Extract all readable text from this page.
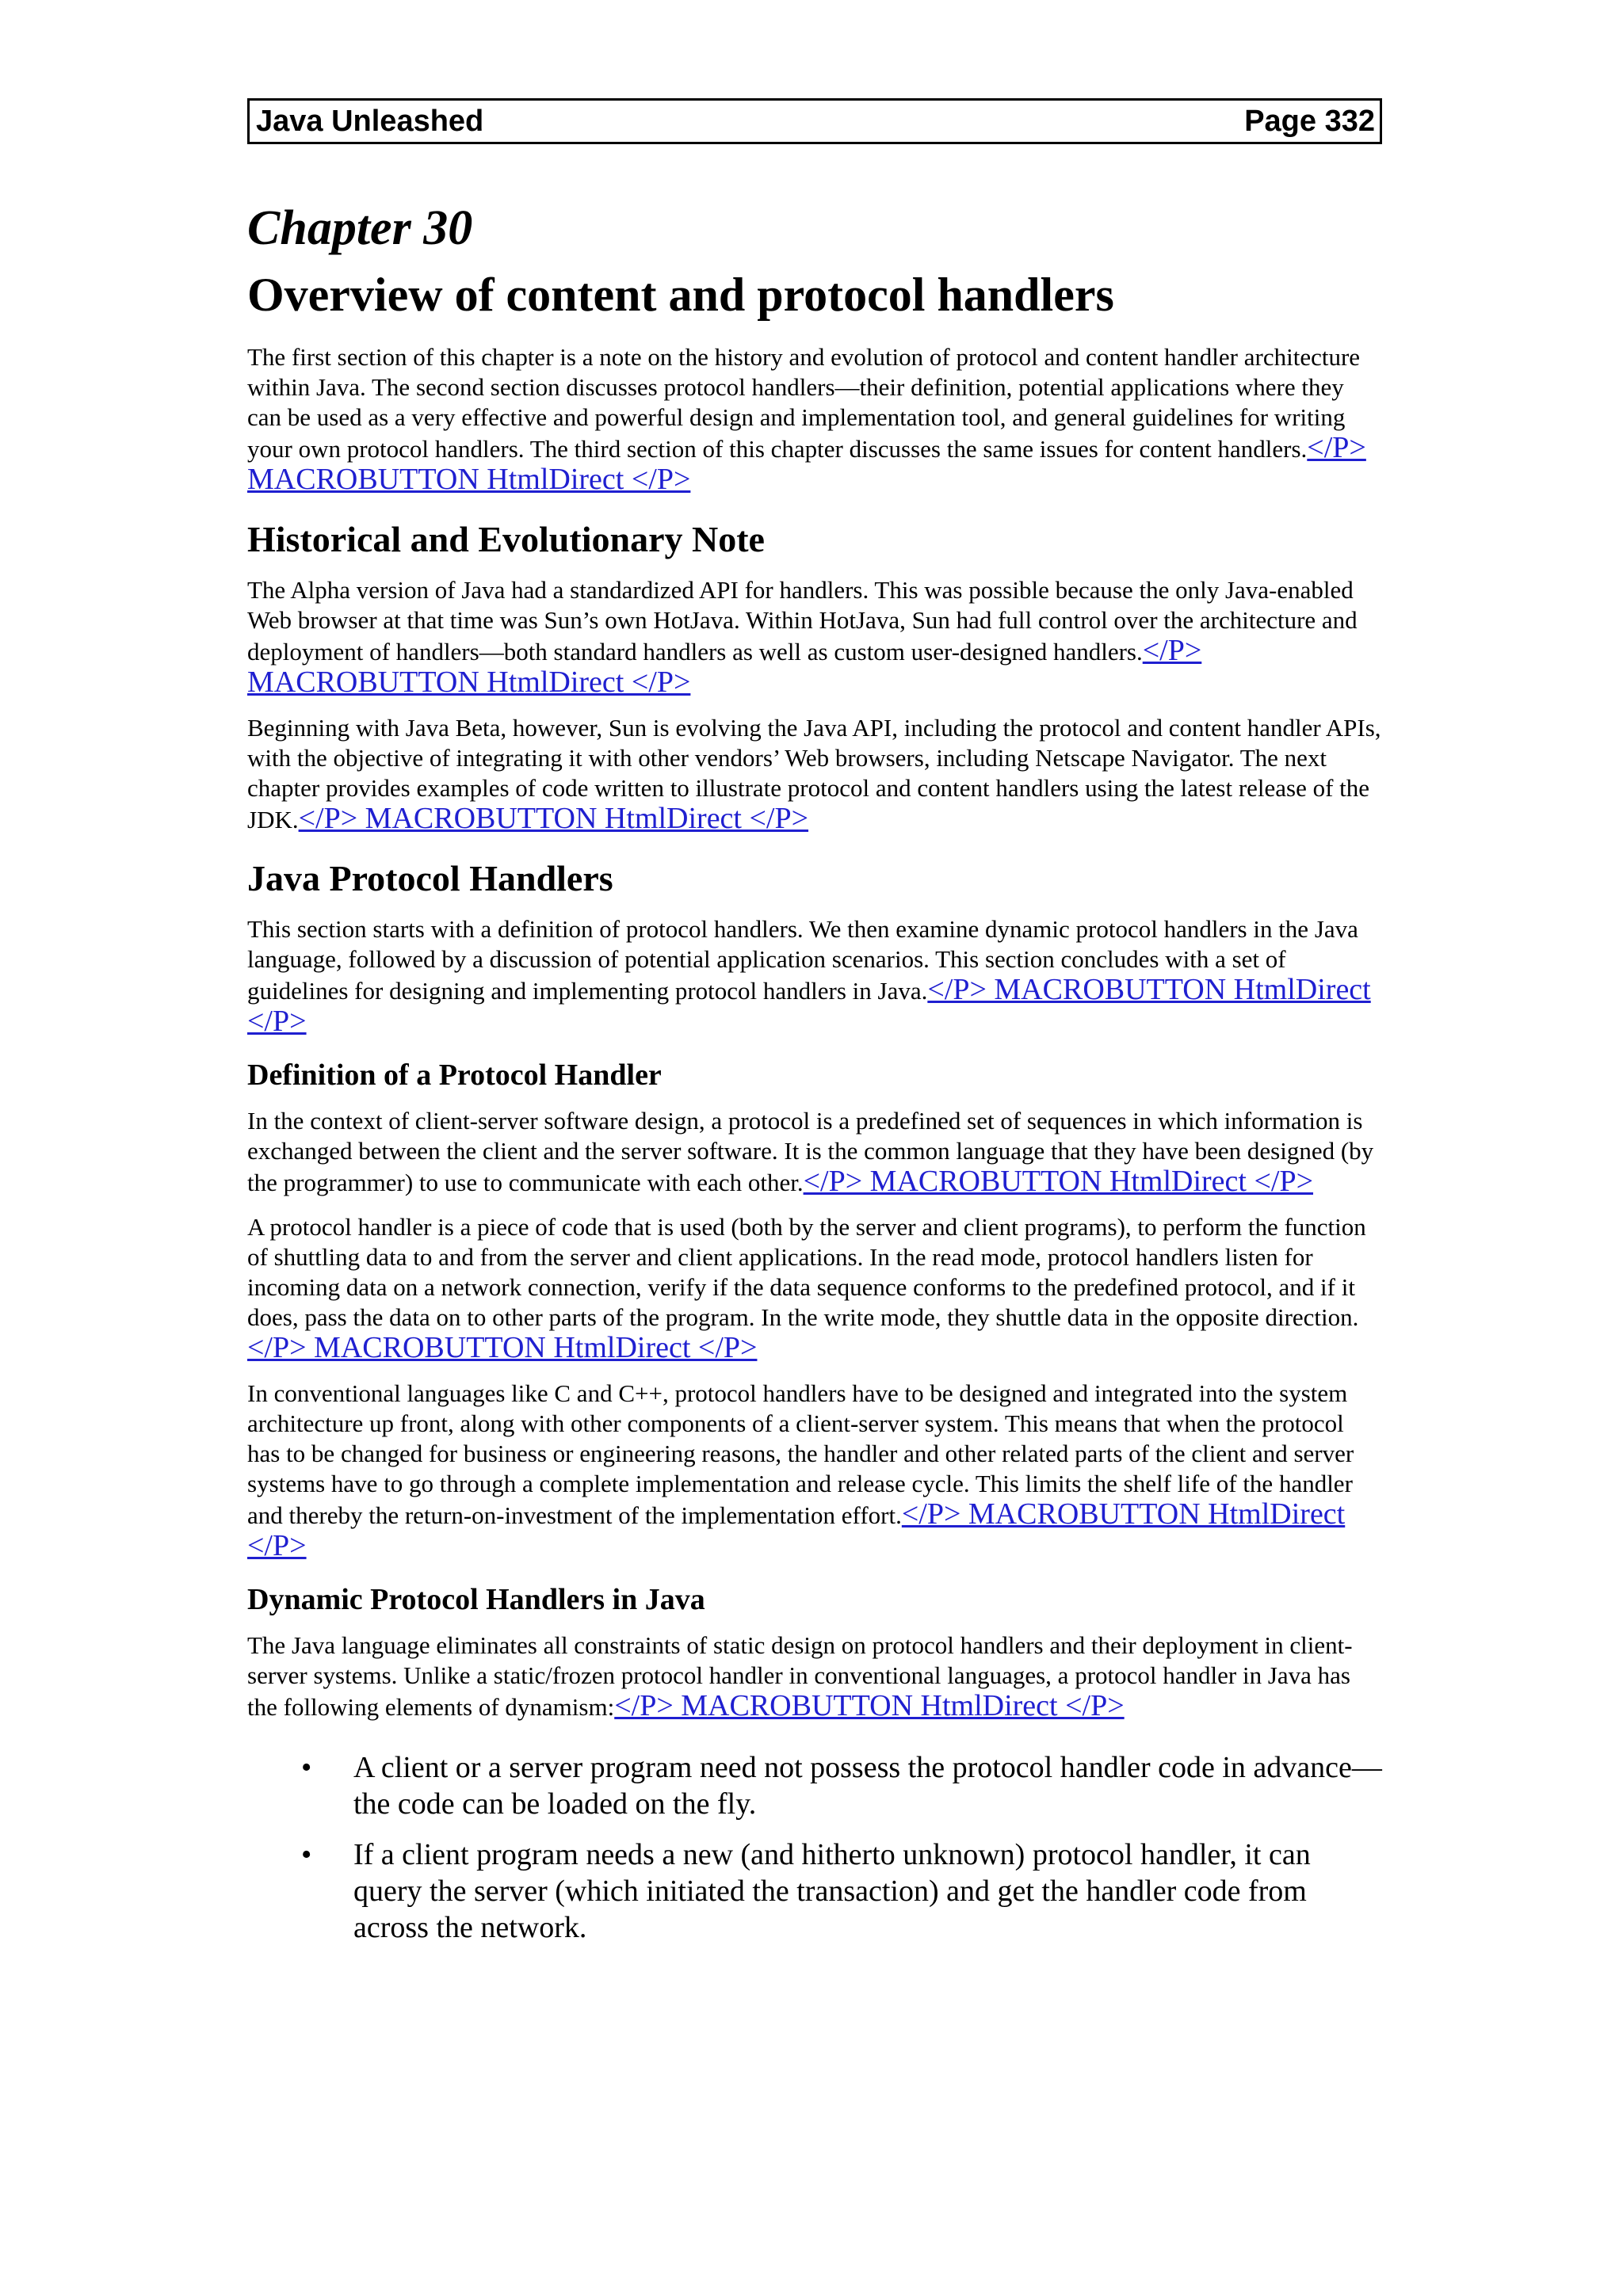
Java Unleashed	Page 332
Chapter 30
Overview of content and protocol handlers

The first section of this chapter is a note on the history and evolution of protocol and content handler architecture within Java. The second section discusses protocol handlers—their definition, potential applications where they can be used as a very effective and powerful design and implementation tool, and general guidelines for writing your own protocol handlers. The third section of this chapter discusses the same issues for content handlers.</P> MACROBUTTON HtmlDirect </P>

Historical and Evolutionary Note

The Alpha version of Java had a standardized API for handlers. This was possible because the only Java-enabled Web browser at that time was Sun’s own HotJava. Within HotJava, Sun had full control over the architecture and deployment of handlers—both standard handlers as well as custom user-designed handlers.</P> MACROBUTTON HtmlDirect </P>

Beginning with Java Beta, however, Sun is evolving the Java API, including the protocol and content handler APIs, with the objective of integrating it with other vendors’ Web browsers, including Netscape Navigator. The next chapter provides examples of code written to illustrate protocol and content handlers using the latest release of the JDK.</P> MACROBUTTON HtmlDirect </P>

Java Protocol Handlers

This section starts with a definition of protocol handlers. We then examine dynamic protocol handlers in the Java language, followed by a discussion of potential application scenarios. This section concludes with a set of guidelines for designing and implementing protocol handlers in Java.</P> MACROBUTTON HtmlDirect </P>

Definition of a Protocol Handler

In the context of client-server software design, a protocol is a predefined set of sequences in which information is exchanged between the client and the server software. It is the common language that they have been designed (by the programmer) to use to communicate with each other.</P> MACROBUTTON HtmlDirect </P>

A protocol handler is a piece of code that is used (both by the server and client programs), to perform the function of shuttling data to and from the server and client applications. In the read mode, protocol handlers listen for incoming data on a network connection, verify if the data sequence conforms to the predefined protocol, and if it does, pass the data on to other parts of the program. In the write mode, they shuttle data in the opposite direction.</P> MACROBUTTON HtmlDirect </P>

In conventional languages like C and C++, protocol handlers have to be designed and integrated into the system architecture up front, along with other components of a client-server system. This means that when the protocol has to be changed for business or engineering reasons, the handler and other related parts of the client and server systems have to go through a complete implementation and release cycle. This limits the shelf life of the handler and thereby the return-on-investment of the implementation effort.</P> MACROBUTTON HtmlDirect </P>

Dynamic Protocol Handlers in Java

The Java language eliminates all constraints of static design on protocol handlers and their deployment in client-server systems. Unlike a static/frozen protocol handler in conventional languages, a protocol handler in Java has the following elements of dynamism:</P> MACROBUTTON HtmlDirect </P>

• A client or a server program need not possess the protocol handler code in advance—the code can be loaded on the fly.
• If a client program needs a new (and hitherto unknown) protocol handler, it can query the server (which initiated the transaction) and get the handler code from across the network.
